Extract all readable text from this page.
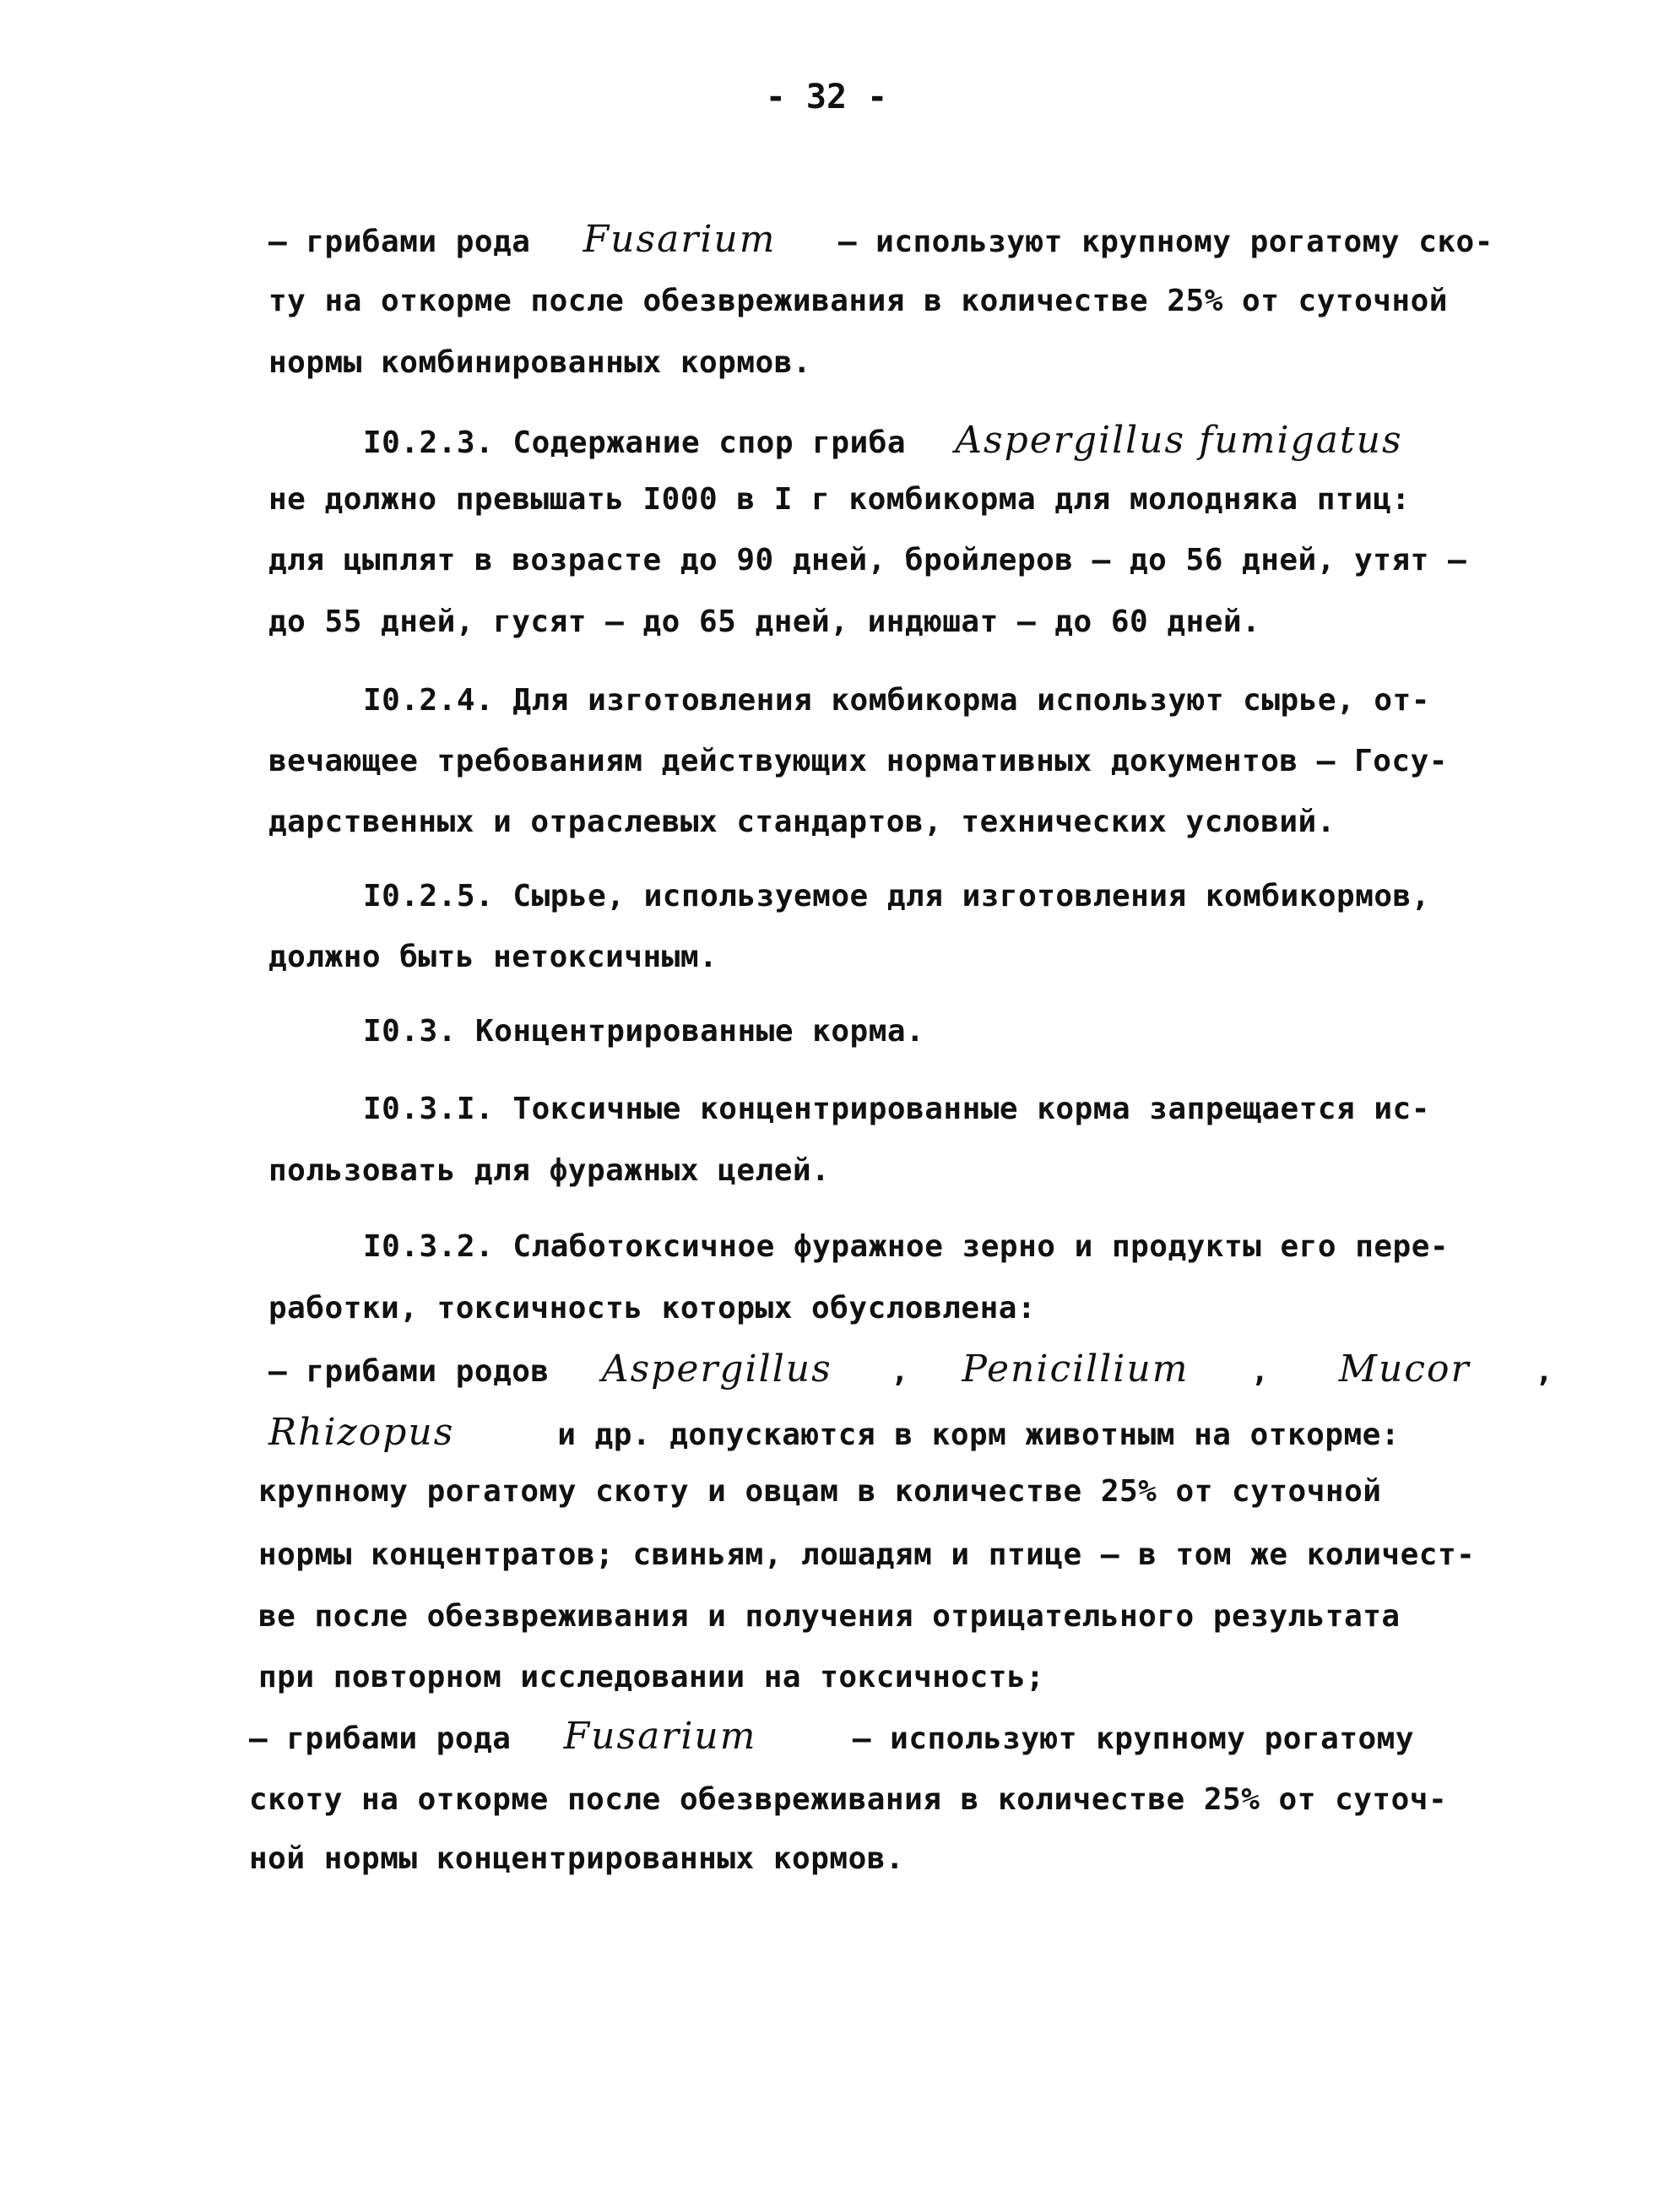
- 32 -
– грибами рода Fusarium – используют крупному рогатому ско-
ту на откорме после обезвреживания в количестве 25% от суточной
нормы комбинированных кормов.
I0.2.3. Содержание спор гриба Aspergillus fumigatus
не должно превышать I000 в I г комбикорма для молодняка птиц:
для цыплят в возрасте до 90 дней, бройлеров – до 56 дней, утят –
до 55 дней, гусят – до 65 дней, индюшат – до 60 дней.
I0.2.4. Для изготовления комбикорма используют сырье, от-
вечающее требованиям действующих нормативных документов – Госу-
дарственных и отраслевых стандартов, технических условий.
I0.2.5. Сырье, используемое для изготовления комбикормов,
должно быть нетоксичным.
I0.3. Концентрированные корма.
I0.3.I. Токсичные концентрированные корма запрещается ис-
пользовать для фуражных целей.
I0.3.2. Слаботоксичное фуражное зерно и продукты его пере-
работки, токсичность которых обусловлена:
– грибами родов Aspergillus , Penicillium , Mucor ,
Rhizopus	и др. допускаются в корм животным на откорме:
крупному рогатому скоту и овцам в количестве 25% от суточной
нормы концентратов; свиньям, лошадям и птице – в том же количест-
ве после обезвреживания и получения отрицательного результата
при повторном исследовании на токсичность;
– грибами рода Fusarium	– используют крупному рогатому
скоту на откорме после обезвреживания в количестве 25% от суточ-
ной нормы концентрированных кормов.
